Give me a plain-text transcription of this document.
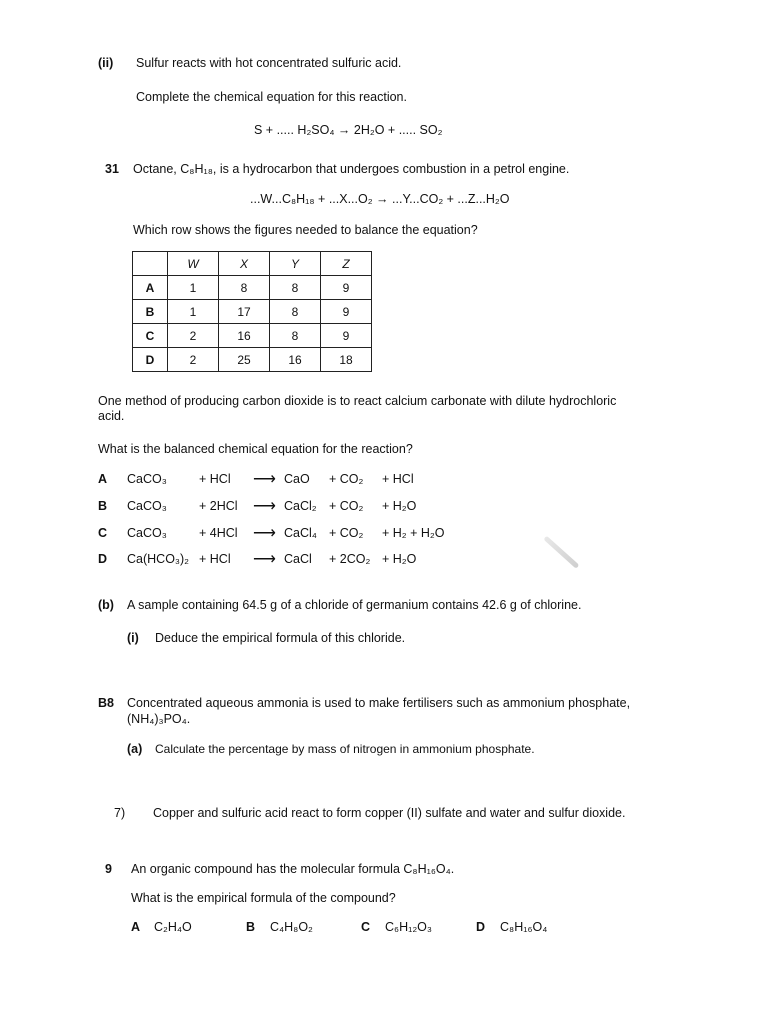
(ii) Sulfur reacts with hot concentrated sulfuric acid.
Complete the chemical equation for this reaction.
S + ..... H₂SO₄ → 2H₂O + ..... SO₂
31 Octane, C₈H₁₈, is a hydrocarbon that undergoes combustion in a petrol engine.
...W...C₈H₁₈ + ...X...O₂ → ...Y...CO₂ + ...Z...H₂O
Which row shows the figures needed to balance the equation?
	W	X	Y	Z
A	1	8	8	9
B	1	17	8	9
C	2	16	8	9
D	2	25	16	18
One method of producing carbon dioxide is to react calcium carbonate with dilute hydrochloric
acid.
What is the balanced chemical equation for the reaction?
A CaCO₃	+ HCl ⟶ CaO + CO₂ + HCl
B CaCO₃	+ 2HCl ⟶ CaCl₂ + CO₂ + H₂O
C CaCO₃	+ 4HCl ⟶ CaCl₄ + CO₂ + H₂ + H₂O
D Ca(HCO₃)₂ + HCl ⟶ CaCl + 2CO₂ + H₂O
(b) A sample containing 64.5 g of a chloride of germanium contains 42.6 g of chlorine.
(i) Deduce the empirical formula of this chloride.
B8 Concentrated aqueous ammonia is used to make fertilisers such as ammonium phosphate,
(NH₄)₃PO₄.
(a) Calculate the percentage by mass of nitrogen in ammonium phosphate.
7) Copper and sulfuric acid react to form copper (II) sulfate and water and sulfur dioxide.
9 An organic compound has the molecular formula C₈H₁₆O₄.
What is the empirical formula of the compound?
A C₂H₄O	B C₄H₈O₂	C C₆H₁₂O₃	D C₈H₁₆O₄
